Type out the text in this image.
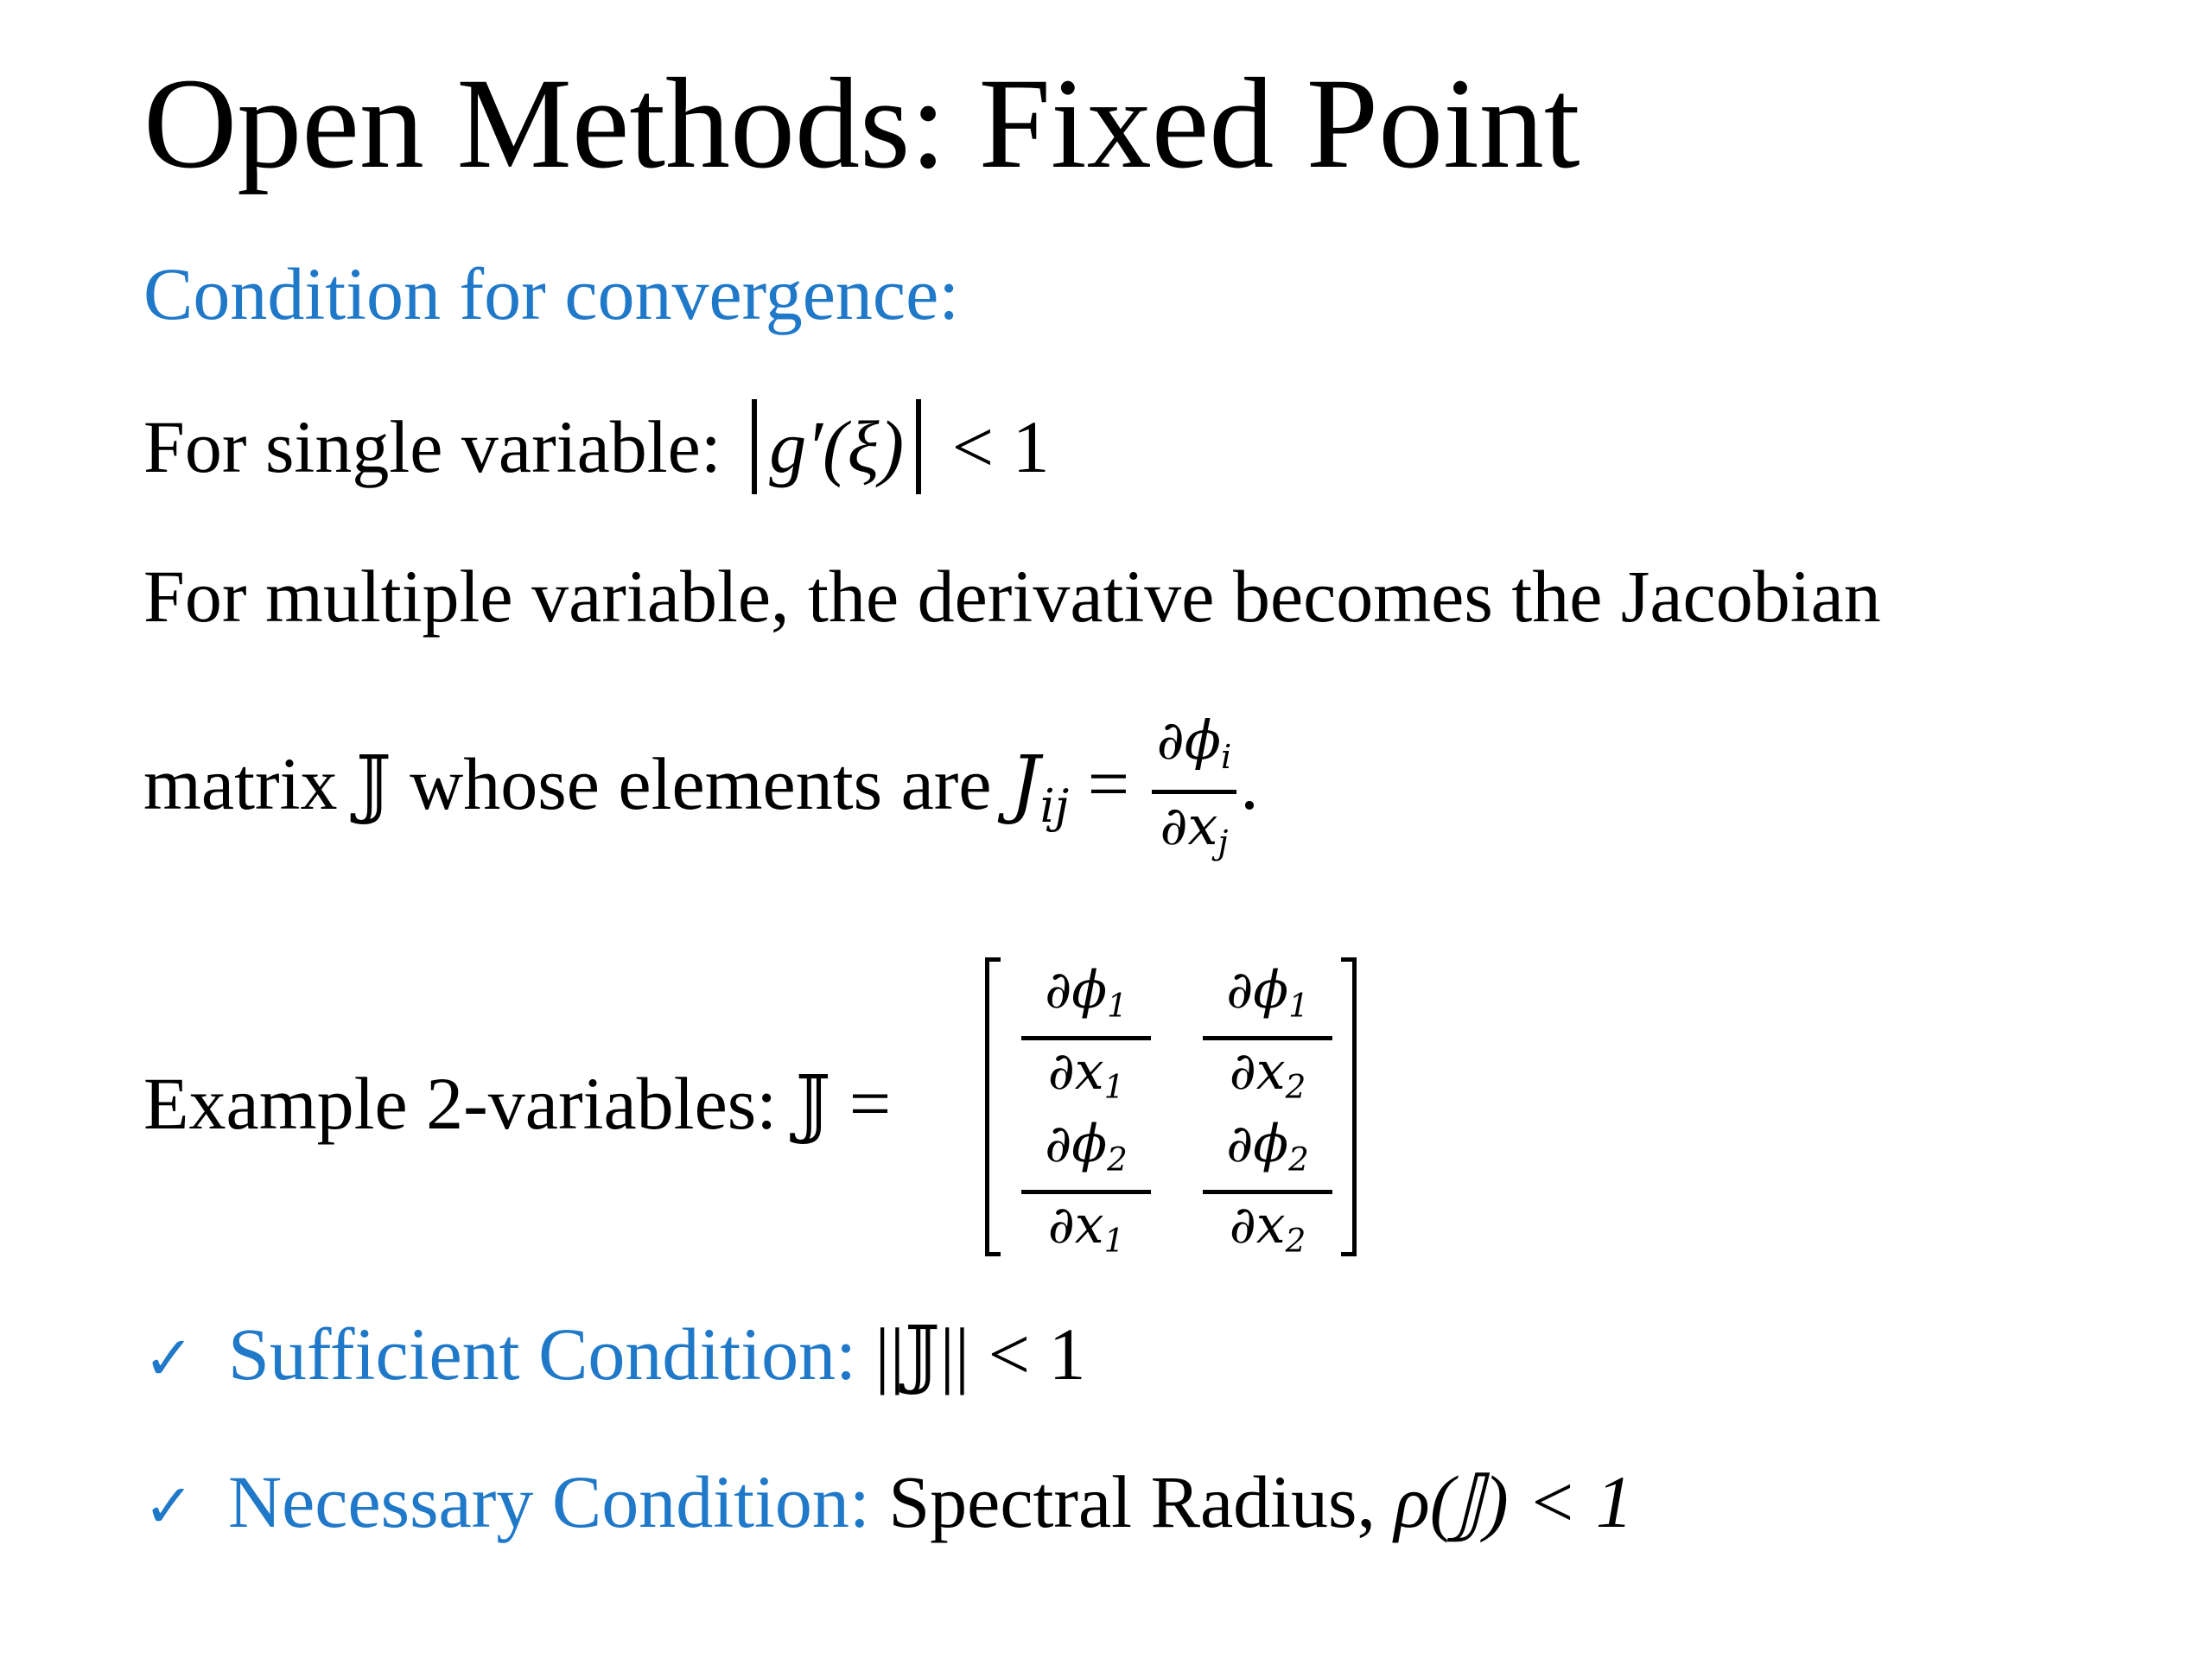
Open Methods: Fixed Point
Condition for convergence:
For single variable: g′(ξ) < 1
For multiple variable, the derivative becomes the Jacobian
matrix 𝕁 whose elements are $J_{ij} = \frac{\partial\phi_i}{\partial x_j}$ .
Example 2-variables: 𝕁 =	$\frac{\partial\phi_1}{\partial x_1} \frac{\partial\phi_1}{\partial x_2}$
$\frac{\partial\phi_2}{\partial x_1} \frac{\partial\phi_2}{\partial x_2}$
✓ Sufficient Condition: ||𝕁|| < 1
✓ Necessary Condition: Spectral Radius, ρ(𝕁) < 1
